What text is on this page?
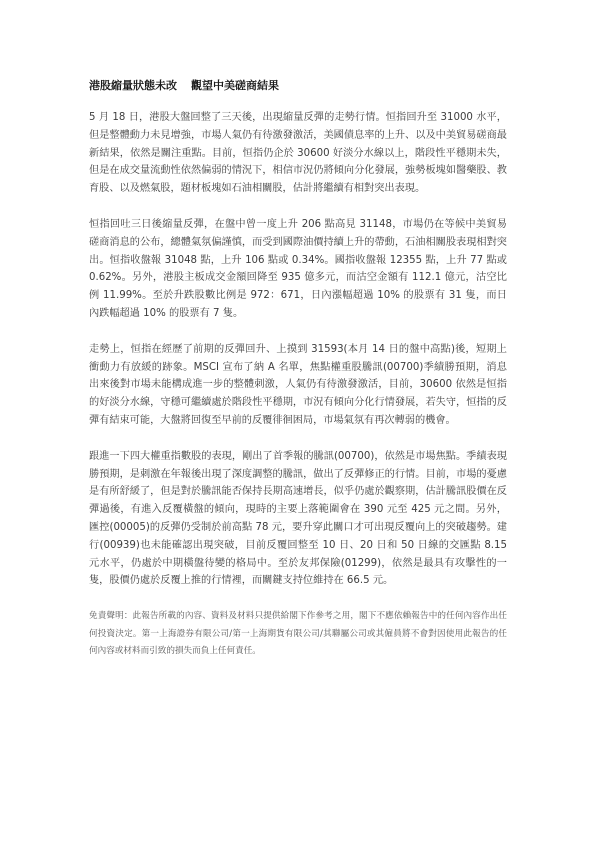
港股縮量狀態未改 觀望中美磋商結果

5 月 18 日，港股大盤回整了三天後，出現縮量反彈的走勢行情。恒指回升至 31000 水平，但是整體動力未見增強，市場人氣仍有待激發激活，美國債息率的上升、以及中美貿易磋商最新結果，依然是關注重點。目前，恒指仍企於 30600 好淡分水線以上，階段性平穩期未失，但是在成交量流動性依然偏弱的情況下，相信市況仍將傾向分化發展，強勢板塊如醫藥股、教育股、以及燃氣股，題材板塊如石油相關股，估計將繼續有相對突出表現。

恒指回吐三日後縮量反彈，在盤中曾一度上升 206 點高見 31148，市場仍在等候中美貿易磋商消息的公布，總體氣氛偏謹慎，而受到國際油價持續上升的帶動，石油相關股表現相對突出。恒指收盤報 31048 點，上升 106 點或 0.34%。國指收盤報 12355 點，上升 77 點或 0.62%。另外，港股主板成交金額回降至 935 億多元，而沽空金額有 112.1 億元，沽空比例 11.99%。至於升跌股數比例是 972：671，日內漲幅超過 10% 的股票有 31 隻，而日內跌幅超過 10% 的股票有 7 隻。

走勢上，恒指在經歷了前期的反彈回升、上摸到 31593(本月 14 日的盤中高點)後，短期上衝動力有放緩的跡象。MSCI 宣布了納 A 名單，焦點權重股騰訊(00700)季績勝預期，消息出來後對市場未能構成進一步的整體刺激，人氣仍有待激發激活，目前，30600 依然是恒指的好淡分水線，守穩可繼續處於階段性平穩期，市況有傾向分化行情發展，若失守，恒指的反彈有結束可能，大盤將回復至早前的反覆徘徊困局，市場氣氛有再次轉弱的機會。

跟進一下四大權重指數股的表現，剛出了首季報的騰訊(00700)，依然是市場焦點。季績表現勝預期，是刺激在年報後出現了深度調整的騰訊，做出了反彈修正的行情。目前，市場的憂慮是有所舒緩了，但是對於騰訊能否保持長期高速增長，似乎仍處於觀察期，估計騰訊股價在反彈過後，有進入反覆橫盤的傾向，現時的主要上落範圍會在 390 元至 425 元之間。另外，匯控(00005)的反彈仍受制於前高點 78 元，要升穿此關口才可出現反覆向上的突破趨勢。建行(00939)也未能確認出現突破，目前反覆回整至 10 日、20 日和 50 日線的交匯點 8.15 元水平，仍處於中期橫盤待變的格局中。至於友邦保險(01299)，依然是最具有攻擊性的一隻，股價仍處於反覆上推的行情裡，而關鍵支持位維持在 66.5 元。

免責聲明：此報告所載的內容、資料及材料只提供給閣下作參考之用，閣下不應依賴報告中的任何內容作出任何投資決定。第一上海證券有限公司/第一上海期貨有限公司/其聯屬公司或其僱員將不會對因使用此報告的任何內容或材料而引致的損失而負上任何責任。
